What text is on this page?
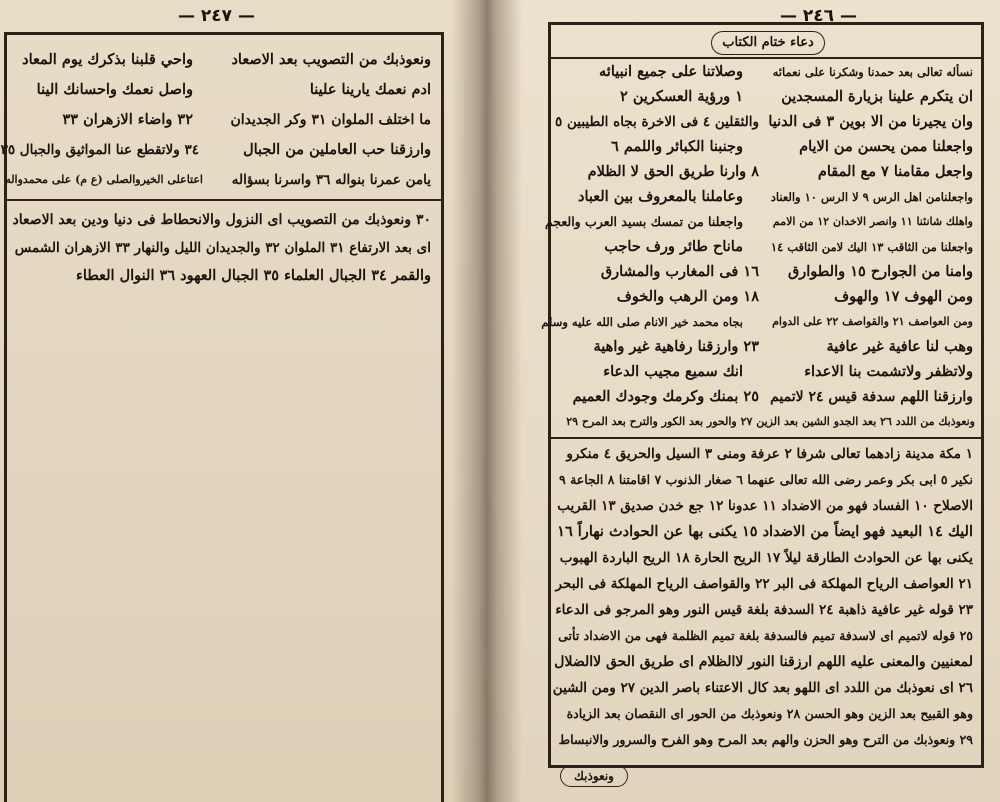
— ٢٤٧ —
ونعوذبك من التصويب بعد الاصعاد
واحي قلبنا بذكرك يوم المعاد
ادم نعمك يارينا علينا
واصل نعمك واحسانك الينا
ما اختلف الملوان ٣١ وكر الجديدان
٣٢ واضاء الازهران ٣٣
وارزقنا حب العاملين من الجبال
٣٤ ولاتقطع عنا المواثيق والجبال ٣٥
يامن عمرنا بنواله ٣٦ واسرنا بسؤاله
اعتاعلى الخيروالصلى (ع م) على محمدواله
٣٠ ونعوذبك من التصويب اى النزول والانحطاط فى دنيا ودين بعد الاصعاد
اى بعد الارتفاع ٣١ الملوان ٣٢ والجديدان الليل والنهار ٣٣ الازهران الشمس
والقمر ٣٤ الجبال العلماء ٣٥ الجبال العهود ٣٦ النوال العطاء
— ٢٤٦ —
دعاء ختام الكتاب
نسأله تعالى بعد حمدنا وشكرنا على نعمائه
وصلاتنا على جميع انبيائه
ان يتكرم علينا بزيارة المسجدين
١ ورؤية العسكرين ٢
وان يجيرنا من الا بوين ٣ فى الدنيا
والثقلين ٤ فى الاخرة بجاه الطيبين ٥
واجعلنا ممن يحسن من الايام
وجنبنا الكبائر واللمم ٦
واجعل مقامنا ٧ مع المقام
٨ وارنا طريق الحق لا الظلام
واجعلنامن اهل الرس ٩ لا الرس ١٠ والعناد
وعاملنا بالمعروف بين العباد
واهلك شانئنا ١١ وانصر الاخدان ١٢ من الامم
واجعلنا من تمسك بسيد العرب والعجم
واجعلنا من الثاقب ١٣ اليك لامن الثاقب ١٤
ماناح طائر ورف حاجب
وامنا من الجوارح ١٥ والطوارق
١٦ فى المغارب والمشارق
ومن الهوف ١٧ والهوف
١٨ ومن الرهب والخوف
ومن العواصف ٢١ والقواصف ٢٢ على الدوام
بجاه محمد خير الانام صلى الله عليه وسلم
وهب لنا عافية غير عافية
٢٣ وارزقنا رفاهية غير واهية
ولاتظفر ولاتشمت بنا الاعداء
انك سميع مجيب الدعاء
وارزقنا اللهم سدفة قيس ٢٤ لاتميم
٢٥ بمنك وكرمك وجودك العميم
ونعوذبك من اللدد ٢٦ بعد الجدو الشين بعد الزين ٢٧ والحور بعد الكور والترح بعد المرح ٢٩
١ مكة مدينة زادهما تعالى شرفا ٢ عرفة ومنى ٣ السيل والحريق ٤ منكرو
نكير ٥ ابى بكر وعمر رضى الله تعالى عنهما ٦ صغار الذنوب ٧ اقامتنا ٨ الجاعة ٩
الاصلاح ١٠ الفساد فهو من الاضداد ١١ عدونا ١٢ جع خدن صديق ١٣ القريب
اليك ١٤ البعيد فهو ايضاً من الاضداد ١٥ يكنى بها عن الحوادث نهاراً ١٦
يكنى بها عن الحوادث الطارقة ليلاً ١٧ الريح الحارة ١٨ الريح الباردة الهبوب
٢١ العواصف الرياح المهلكة فى البر ٢٢ والقواصف الرياح المهلكة فى البحر
٢٣ قوله غير عافية ذاهبة ٢٤ السدفة بلغة قيس النور وهو المرجو فى الدعاء
٢٥ قوله لاتميم اى لاسدفة تميم فالسدفة بلغة تميم الظلمة فهى من الاضداد تأتى
لمعنيين والمعنى عليه اللهم ارزقنا النور لاالظلام اى طريق الحق لاالضلال
٢٦ اى نعوذبك من اللدد اى اللهو بعد كال الاعتناء باصر الدين ٢٧ ومن الشين
وهو القبيح بعد الزين وهو الحسن ٢٨ ونعوذبك من الحور اى النقصان بعد الزيادة
٢٩ ونعوذبك من الترح وهو الحزن والهم بعد المرح وهو الفرح والسرور والانبساط
ونعوذبك
